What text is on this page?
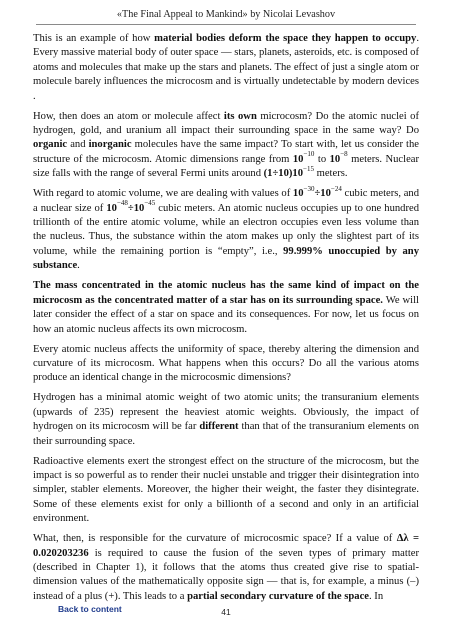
«The Final Appeal to Mankind» by Nicolai Levashov

This is an example of how material bodies deform the space they happen to occupy. Every massive material body of outer space — stars, planets, asteroids, etc. is composed of atoms and molecules that make up the stars and planets. The effect of just a single atom or molecule barely influences the microcosm and is virtually undetectable by modern devices .

How, then does an atom or molecule affect its own microcosm? Do the atomic nuclei of hydrogen, gold, and uranium all impact their surrounding space in the same way? Do organic and inorganic molecules have the same impact? To start with, let us consider the structure of the microcosm. Atomic dimensions range from $10^{-10}$ to $10^{-8}$ meters. Nuclear size falls with the range of several Fermi units around $(1\div 10)10^{-15}$ meters.

With regard to atomic volume, we are dealing with values of $10^{-30}\div 10^{-24}$ cubic meters, and a nuclear size of $10^{-48}\div 10^{-45}$ cubic meters. An atomic nucleus occupies up to one hundred trillionth of the entire atomic volume, while an electron occupies even less volume than the nucleus. Thus, the substance within the atom makes up only the slightest part of its volume, while the remaining portion is “empty”, i.e., 99.999% unoccupied by any substance.

The mass concentrated in the atomic nucleus has the same kind of impact on the microcosm as the concentrated matter of a star has on its surrounding space. We will later consider the effect of a star on space and its consequences. For now, let us focus on how an atomic nucleus affects its own microcosm.

Every atomic nucleus affects the uniformity of space, thereby altering the dimension and curvature of its microcosm. What happens when this occurs? Do all the various atoms produce an identical change in the microcosmic dimensions?

Hydrogen has a minimal atomic weight of two atomic units; the transuranium elements (upwards of 235) represent the heaviest atomic weights. Obviously, the impact of hydrogen on its microcosm will be far different than that of the transuranium elements on their surrounding space.

Radioactive elements exert the strongest effect on the structure of the microcosm, but the impact is so powerful as to render their nuclei unstable and trigger their disintegration into simpler, stabler elements. Moreover, the higher their weight, the faster they disintegrate. Some of these elements exist for only a billionth of a second and only in an artificial environment.

What, then, is responsible for the curvature of microcosmic space? If a value of Δλ = 0.020203236 is required to cause the fusion of the seven types of primary matter (described in Chapter 1), it follows that the atoms thus created give rise to spatial-dimension values of the mathematically opposite sign — that is, for example, a minus (–) instead of a plus (+). This leads to a partial secondary curvature of the space. In

Back to content	41
